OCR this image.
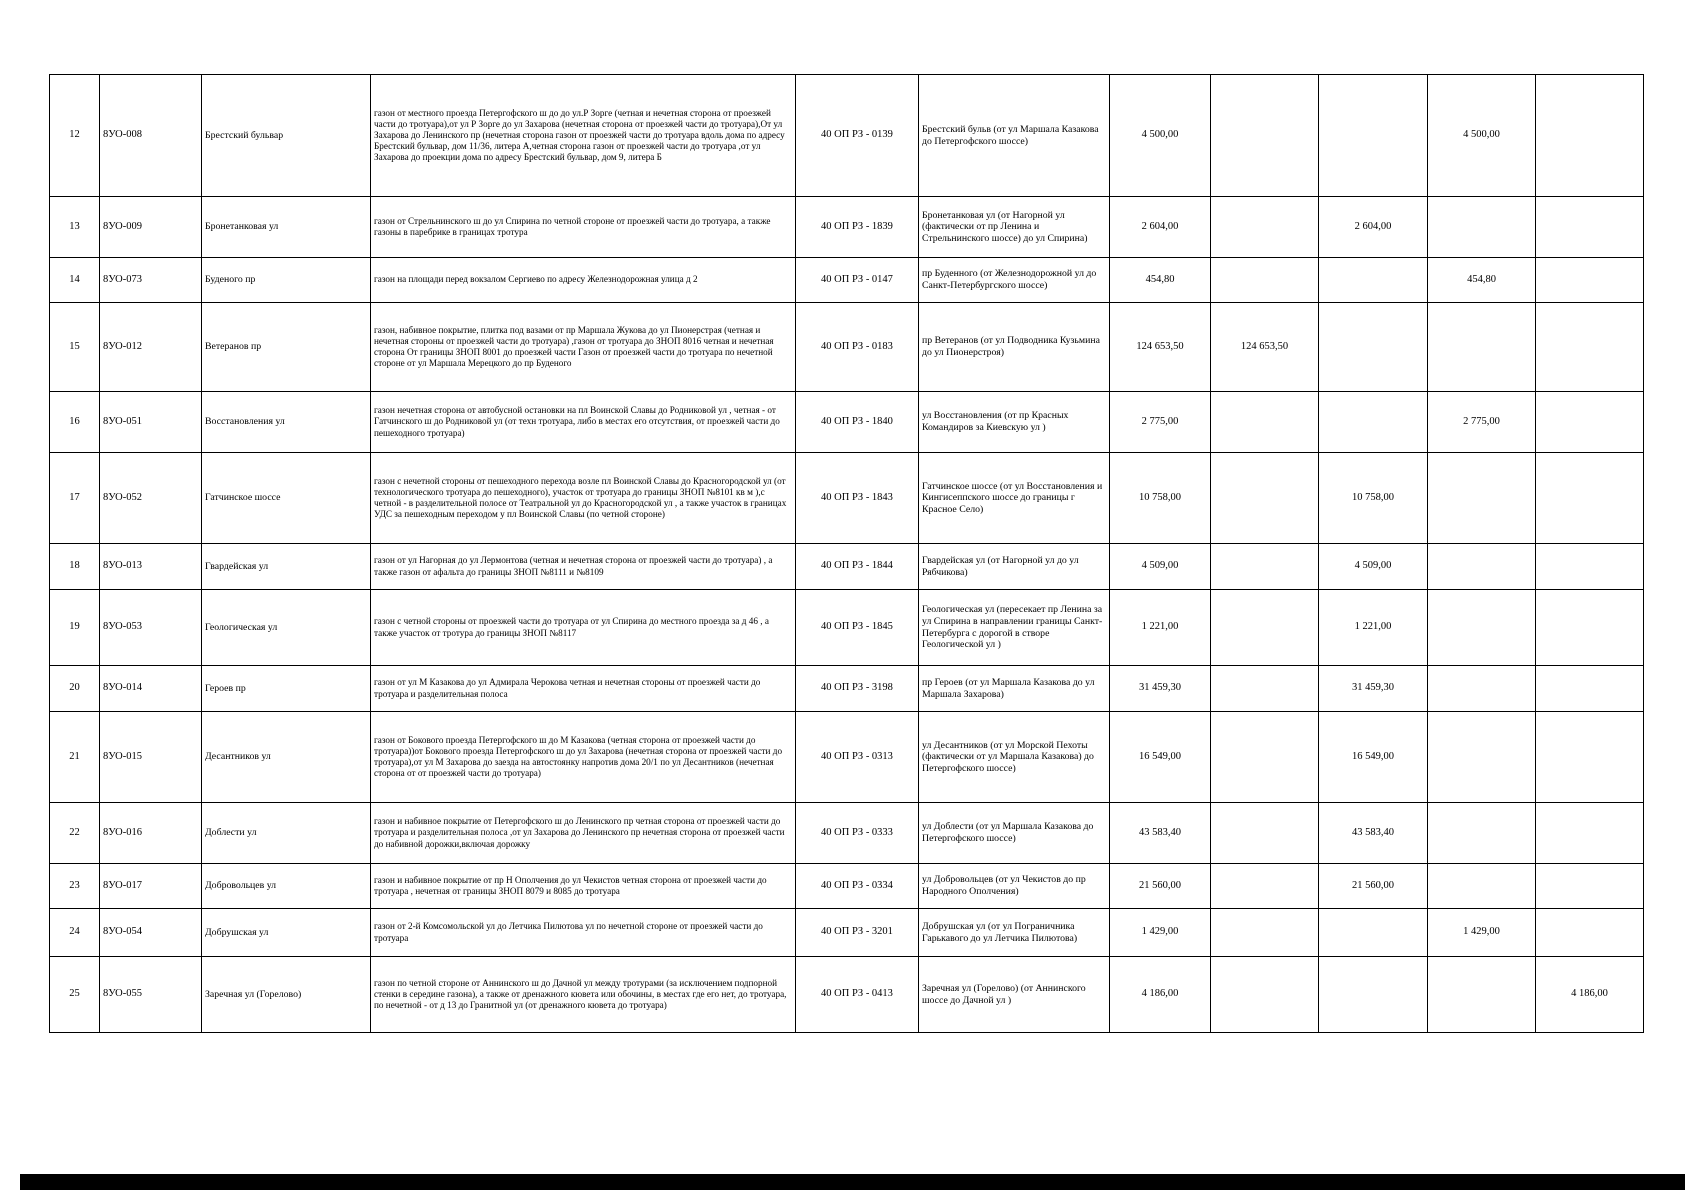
12	8УО-008	Брестский бульвар	газон от местного проезда Петергофского ш до до ул.Р Зорге (четная и нечетная сторона от проезжей части до тротуара),от ул Р Зорге до ул Захарова (нечетная сторона от проезжей части до тротуара),От ул Захарова до Ленинского пр (нечетная сторона газон от проезжей части до тротуара вдоль дома по адресу Брестский бульвар, дом 11/36, литера А,четная сторона газон от проезжей части до тротуара ,от ул Захарова до проекции дома по адресу Брестский бульвар, дом 9, литера Б	40 ОП РЗ - 0139	Брестский бульв (от ул Маршала Казакова до Петергофского шоссе)	4 500,00			4 500,00	
13	8УО-009	Бронетанковая ул	газон от Стрельнинского ш до ул Спирина по четной стороне от проезжей части до тротуара, а также газоны в паребрике в границах тротура	40 ОП РЗ - 1839	Бронетанковая ул (от Нагорной ул (фактически от пр Ленина и Стрельнинского шоссе) до ул Спирина)	2 604,00		2 604,00		
14	8УО-073	Буденого пр	газон на площади перед вокзалом Сергиево по адресу Железнодорожная улица д 2	40 ОП РЗ - 0147	пр Буденного (от Железнодорожной ул до Санкт-Петербургского шоссе)	454,80			454,80	
15	8УО-012	Ветеранов пр	газон, набивное покрытие, плитка под вазами от пр Маршала Жукова до ул Пионерстрая (четная и нечетная стороны от проезжей части до тротуара) ,газон от тротуара до ЗНОП 8016 четная и нечетная сторона От границы ЗНОП 8001 до проезжей части Газон от проезжей части до тротуара по нечетной стороне от ул Маршала Мерецкого до пр Буденого	40 ОП РЗ - 0183	пр Ветеранов (от ул Подводника Кузьмина до ул Пионерстроя)	124 653,50	124 653,50			
16	8УО-051	Восстановления ул	газон нечетная сторона от автобусной остановки на пл Воинской Славы до Родниковой ул , четная - от Гатчинского ш до Родниковой ул (от техн тротуара, либо в местах его отсутствия, от проезжей части до пешеходного тротуара)	40 ОП РЗ - 1840	ул Восстановления (от пр Красных Командиров за Киевскую ул )	2 775,00			2 775,00	
17	8УО-052	Гатчинское шоссе	газон с нечетной стороны от пешеходного перехода возле пл Воинской Славы до Красногородской ул (от технологического тротуара до пешеходного), участок от тротуара до границы ЗНОП №8101 кв м ),с четной - в разделительной полосе от Театральной ул до Красногородской ул , а также участок в границах УДС за пешеходным переходом у пл Воинской Славы (по четной стороне)	40 ОП РЗ - 1843	Гатчинское шоссе (от ул Восстановления и Кингисеппского шоссе до границы г Красное Село)	10 758,00		10 758,00		
18	8УО-013	Гвардейская ул	газон от ул Нагорная до ул Лермонтова (четная и нечетная сторона от проезжей части до тротуара) , а также газон от афальта до границы ЗНОП №8111 и №8109	40 ОП РЗ - 1844	Гвардейская ул (от Нагорной ул до ул Рябчикова)	4 509,00		4 509,00		
19	8УО-053	Геологическая ул	газон с четной стороны от проезжей части до тротуара от ул Спирина до местного проезда за д 46 , а также участок от тротура до границы ЗНОП №8117	40 ОП РЗ - 1845	Геологическая ул (пересекает пр Ленина за ул Спирина в направлении границы Санкт-Петербурга с дорогой в створе Геологической ул )	1 221,00		1 221,00		
20	8УО-014	Героев пр	газон от ул М Казакова до ул Адмирала Черокова четная и нечетная стороны от проезжей части до тротуара и разделительная полоса	40 ОП РЗ - 3198	пр Героев (от ул Маршала Казакова до ул Маршала Захарова)	31 459,30		31 459,30		
21	8УО-015	Десантников ул	газон от Бокового проезда Петергофского ш до М Казакова (четная сторона от проезжей части до тротуара))от Бокового проезда Петергофского ш до ул Захарова (нечетная сторона от проезжей части до тротуара),от ул М Захарова до заезда на автостоянку напротив дома 20/1 по ул Десантников (нечетная сторона от от проезжей части до тротуара)	40 ОП РЗ - 0313	ул Десантников (от ул Морской Пехоты (фактически от ул Маршала Казакова) до Петергофского шоссе)	16 549,00		16 549,00		
22	8УО-016	Доблести ул	газон и набивное покрытие от Петергофского ш до Ленинского пр четная сторона от проезжей части до тротуара и разделительная полоса ,от ул Захарова до Ленинского пр нечетная сторона от проезжей части до набивной дорожки,включая дорожку	40 ОП РЗ - 0333	ул Доблести (от ул Маршала Казакова до Петергофского шоссе)	43 583,40		43 583,40		
23	8УО-017	Добровольцев ул	газон и набивное покрытие от пр Н Ополчения до ул Чекистов четная сторона от проезжей части до тротуара , нечетная от границы ЗНОП 8079 и 8085 до тротуара	40 ОП РЗ - 0334	ул Добровольцев (от ул Чекистов до пр Народного Ополчения)	21 560,00		21 560,00		
24	8УО-054	Добрушская ул	газон от 2-й Комсомольской ул до Летчика Пилютова ул по нечетной стороне от проезжей части до тротуара	40 ОП РЗ - 3201	Добрушская ул (от ул Пограничника Гарькавого до ул Летчика Пилютова)	1 429,00			1 429,00	
25	8УО-055	Заречная ул (Горелово)	газон по четной стороне от Аннинского ш до Дачной ул между тротурами (за исключением подпорной стенки в середине газона), а также от дренажного кювета или обочины, в местах где его нет, до тротуара, по нечетной - от д 13 до Гранитной ул (от дренажного кювета до тротуара)	40 ОП РЗ - 0413	Заречная ул (Горелово) (от Аннинского шоссе до Дачной ул )	4 186,00				4 186,00
